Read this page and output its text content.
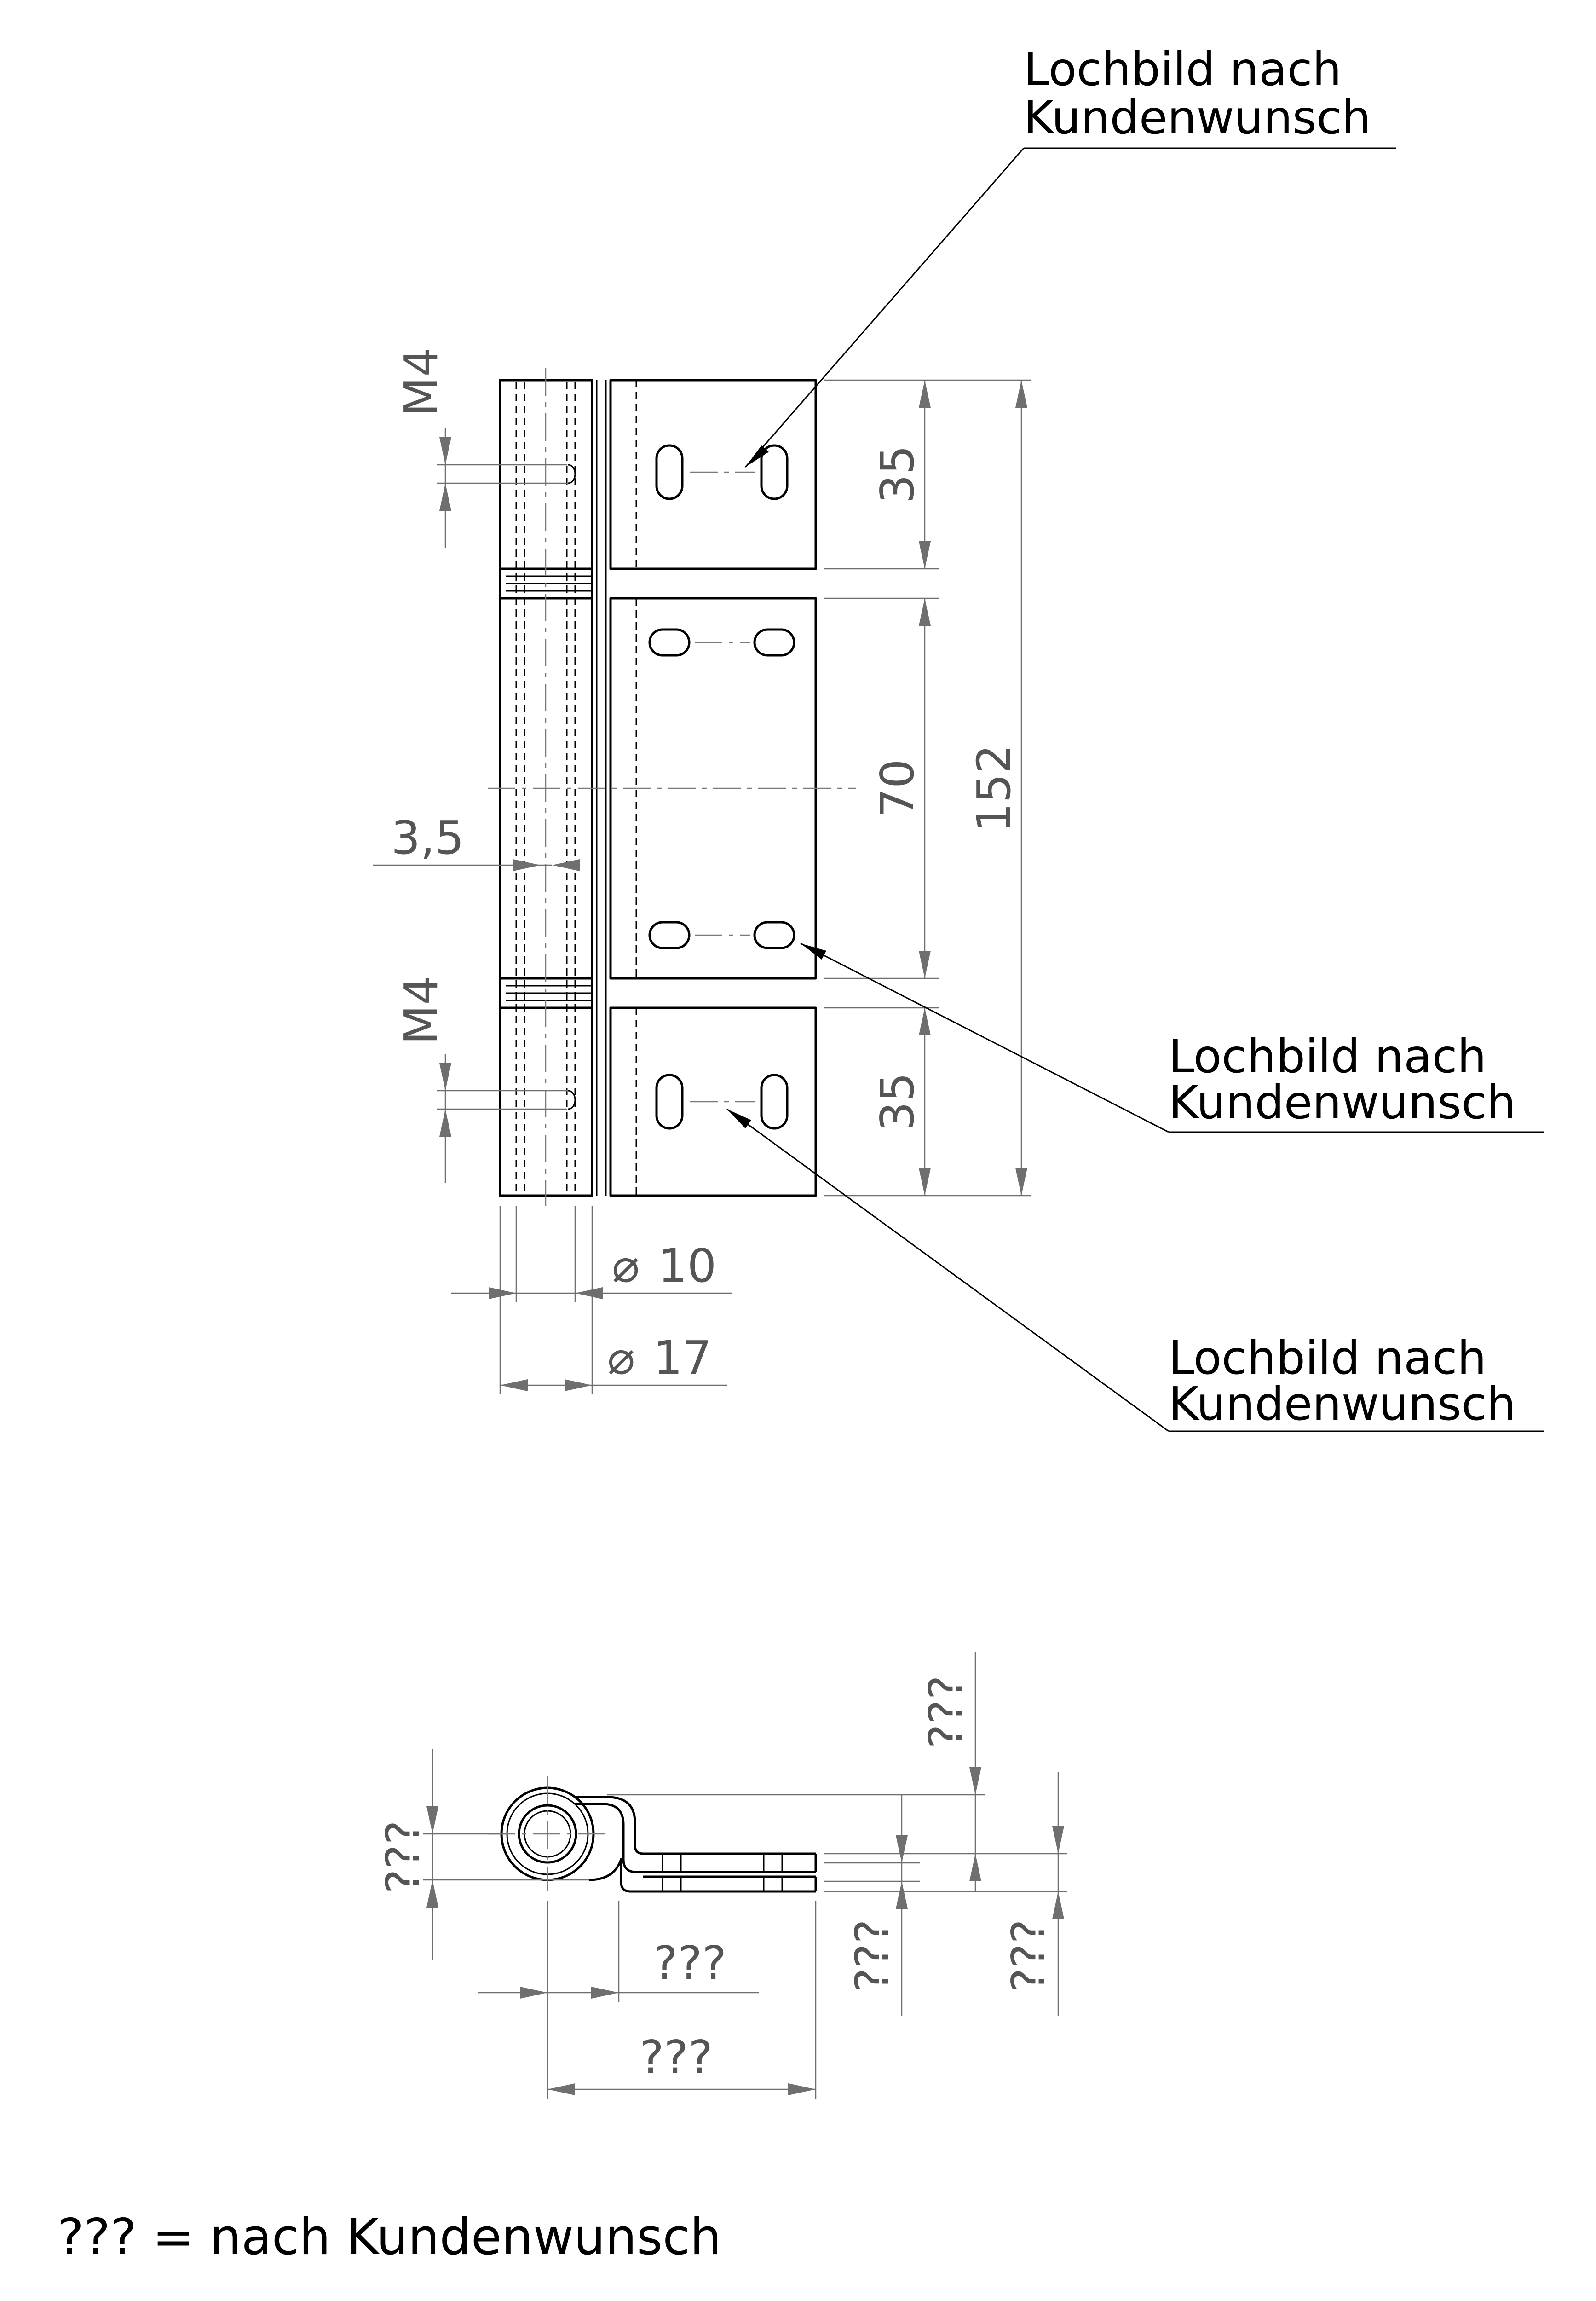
35
70
35
152
M4
M4
3,5
⌀ 10
⌀ 17
Lochbild nach
Kundenwunsch
Lochbild nach
Kundenwunsch
Lochbild nach
Kundenwunsch
???
???
???
???
??? ???
??? = nach Kundenwunsch
